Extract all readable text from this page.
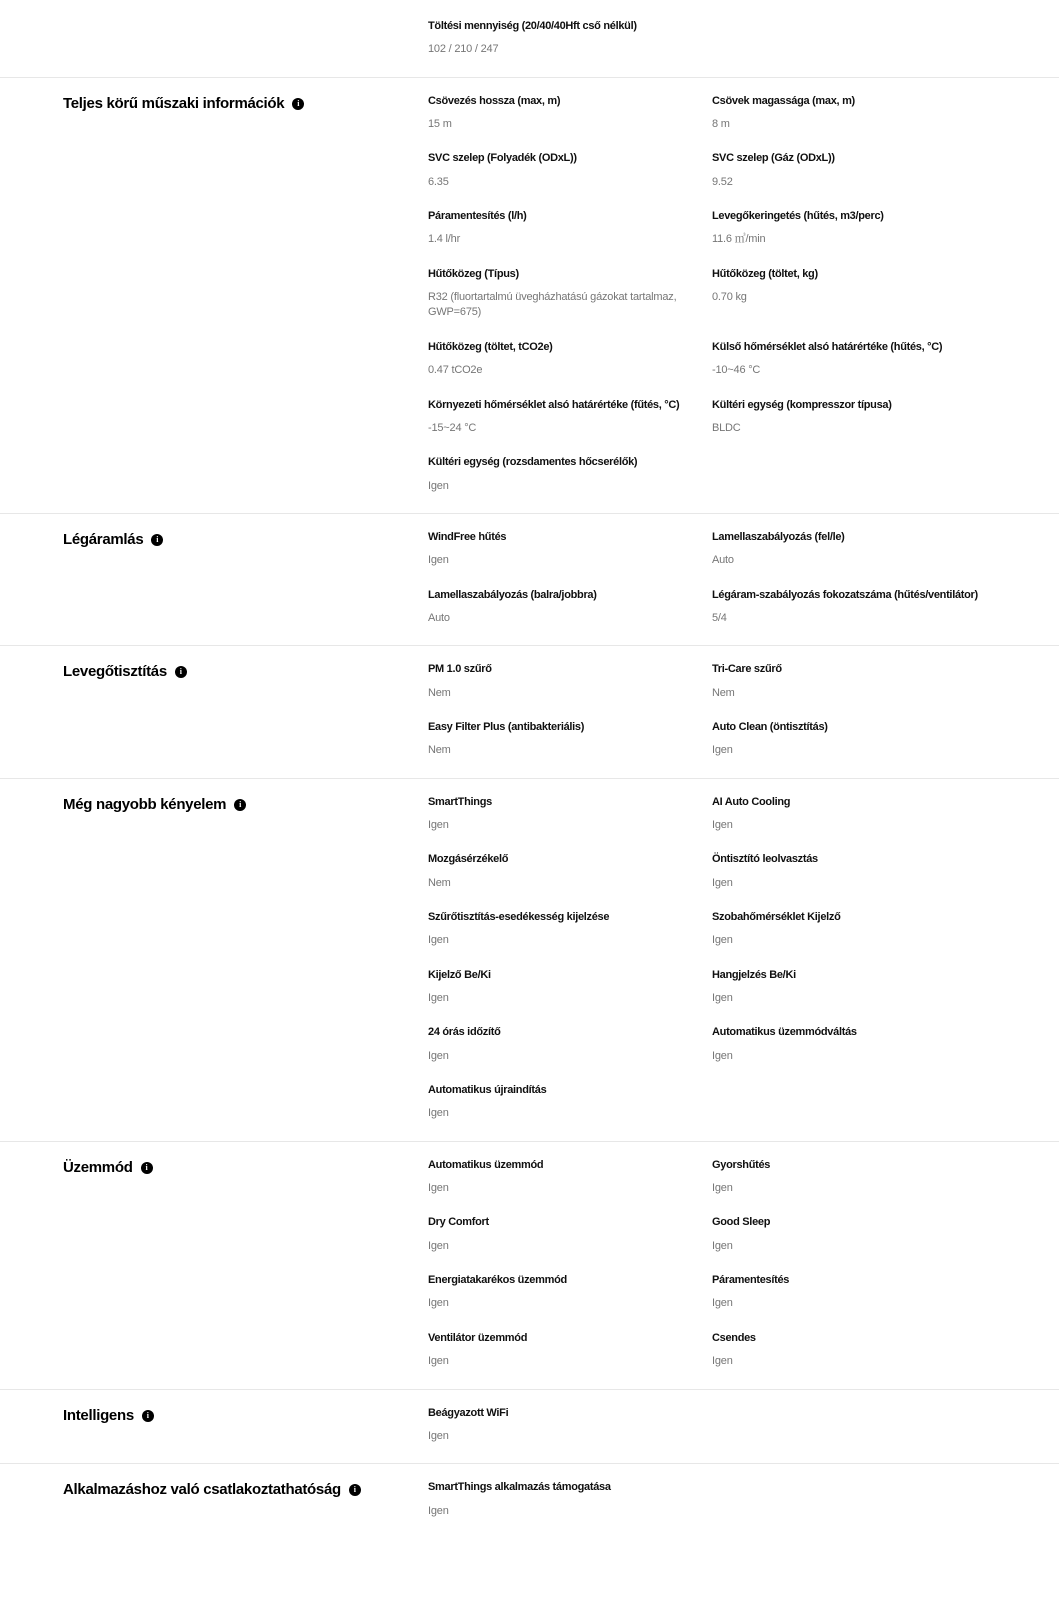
Töltési mennyiség (20/40/40Hft cső nélkül)
102 / 210 / 247
Teljes körű műszaki információk	i	Csövezés hossza (max, m)
15 m
Csövek magassága (max, m)
8 m
SVC szelep (Folyadék (ODxL))
6.35
SVC szelep (Gáz (ODxL))
9.52
Páramentesítés (l/h)
1.4 l/hr
Levegőkeringetés (hűtés, m3/perc)
11.6 ㎥/min
Hűtőközeg (Típus)
R32 (fluortartalmú üvegházhatású gázokat tartalmaz, GWP=675)
Hűtőközeg (töltet, kg)
0.70 kg
Hűtőközeg (töltet, tCO2e)
0.47 tCO2e
Külső hőmérséklet alsó határértéke (hűtés, °C)
-10~46 °C
Környezeti hőmérséklet alsó határértéke (fűtés, °C)
-15~24 °C
Kültéri egység (kompresszor típusa)
BLDC
Kültéri egység (rozsdamentes hőcserélők)
Igen
Légáramlás	i	WindFree hűtés
Igen
Lamellaszabályozás (fel/le)
Auto
Lamellaszabályozás (balra/jobbra)
Auto
Légáram-szabályozás fokozatszáma (hűtés/ventilátor)
5/4
Levegőtisztítás	i	PM 1.0 szűrő
Nem
Tri-Care szűrő
Nem
Easy Filter Plus (antibakteriális)
Nem
Auto Clean (öntisztítás)
Igen
Még nagyobb kényelem	i	SmartThings
Igen
AI Auto Cooling
Igen
Mozgásérzékelő
Nem
Öntisztító leolvasztás
Igen
Szűrőtisztítás-esedékesség kijelzése
Igen
Szobahőmérséklet Kijelző
Igen
Kijelző Be/Ki
Igen
Hangjelzés Be/Ki
Igen
24 órás időzítő
Igen
Automatikus üzemmódváltás
Igen
Automatikus újraindítás
Igen
Üzemmód	i	Automatikus üzemmód
Igen
Gyorshűtés
Igen
Dry Comfort
Igen
Good Sleep
Igen
Energiatakarékos üzemmód
Igen
Páramentesítés
Igen
Ventilátor üzemmód
Igen
Csendes
Igen
Intelligens	i	Beágyazott WiFi
Igen
Alkalmazáshoz való csatlakoztathatóság	i	SmartThings alkalmazás támogatása
Igen
